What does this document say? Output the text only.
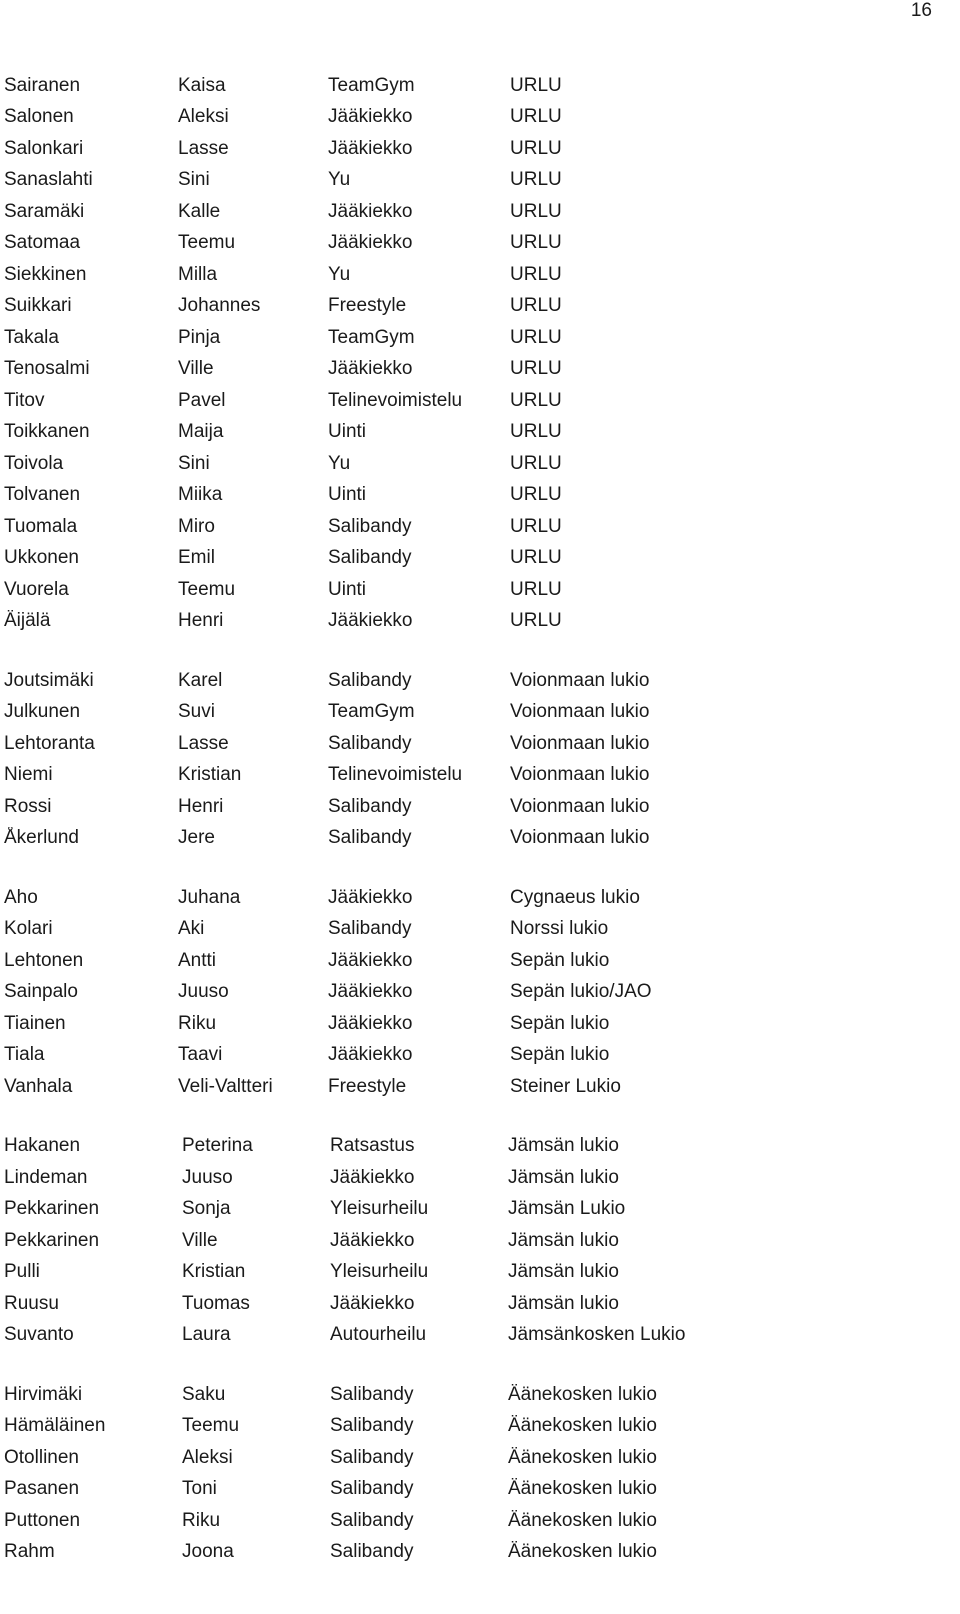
16
Sairanen	Kaisa	TeamGym	URLU
Salonen	Aleksi	Jääkiekko	URLU
Salonkari	Lasse	Jääkiekko	URLU
Sanaslahti	Sini	Yu	URLU
Saramäki	Kalle	Jääkiekko	URLU
Satomaa	Teemu	Jääkiekko	URLU
Siekkinen	Milla	Yu	URLU
Suikkari	Johannes	Freestyle	URLU
Takala	Pinja	TeamGym	URLU
Tenosalmi	Ville	Jääkiekko	URLU
Titov	Pavel	Telinevoimistelu	URLU
Toikkanen	Maija	Uinti	URLU
Toivola	Sini	Yu	URLU
Tolvanen	Miika	Uinti	URLU
Tuomala	Miro	Salibandy	URLU
Ukkonen	Emil	Salibandy	URLU
Vuorela	Teemu	Uinti	URLU
Äijälä	Henri	Jääkiekko	URLU
Joutsimäki	Karel	Salibandy	Voionmaan lukio
Julkunen	Suvi	TeamGym	Voionmaan lukio
Lehtoranta	Lasse	Salibandy	Voionmaan lukio
Niemi	Kristian	Telinevoimistelu	Voionmaan lukio
Rossi	Henri	Salibandy	Voionmaan lukio
Åkerlund	Jere	Salibandy	Voionmaan lukio
Aho	Juhana	Jääkiekko	Cygnaeus lukio
Kolari	Aki	Salibandy	Norssi lukio
Lehtonen	Antti	Jääkiekko	Sepän lukio
Sainpalo	Juuso	Jääkiekko	Sepän lukio/JAO
Tiainen	Riku	Jääkiekko	Sepän lukio
Tiala	Taavi	Jääkiekko	Sepän lukio
Vanhala	Veli-Valtteri	Freestyle	Steiner Lukio
Hakanen	Peterina	Ratsastus	Jämsän lukio
Lindeman	Juuso	Jääkiekko	Jämsän lukio
Pekkarinen	Sonja	Yleisurheilu	Jämsän Lukio
Pekkarinen	Ville	Jääkiekko	Jämsän lukio
Pulli	Kristian	Yleisurheilu	Jämsän lukio
Ruusu	Tuomas	Jääkiekko	Jämsän lukio
Suvanto	Laura	Autourheilu	Jämsänkosken Lukio
Hirvimäki	Saku	Salibandy	Äänekosken lukio
Hämäläinen	Teemu	Salibandy	Äänekosken lukio
Otollinen	Aleksi	Salibandy	Äänekosken lukio
Pasanen	Toni	Salibandy	Äänekosken lukio
Puttonen	Riku	Salibandy	Äänekosken lukio
Rahm	Joona	Salibandy	Äänekosken lukio
